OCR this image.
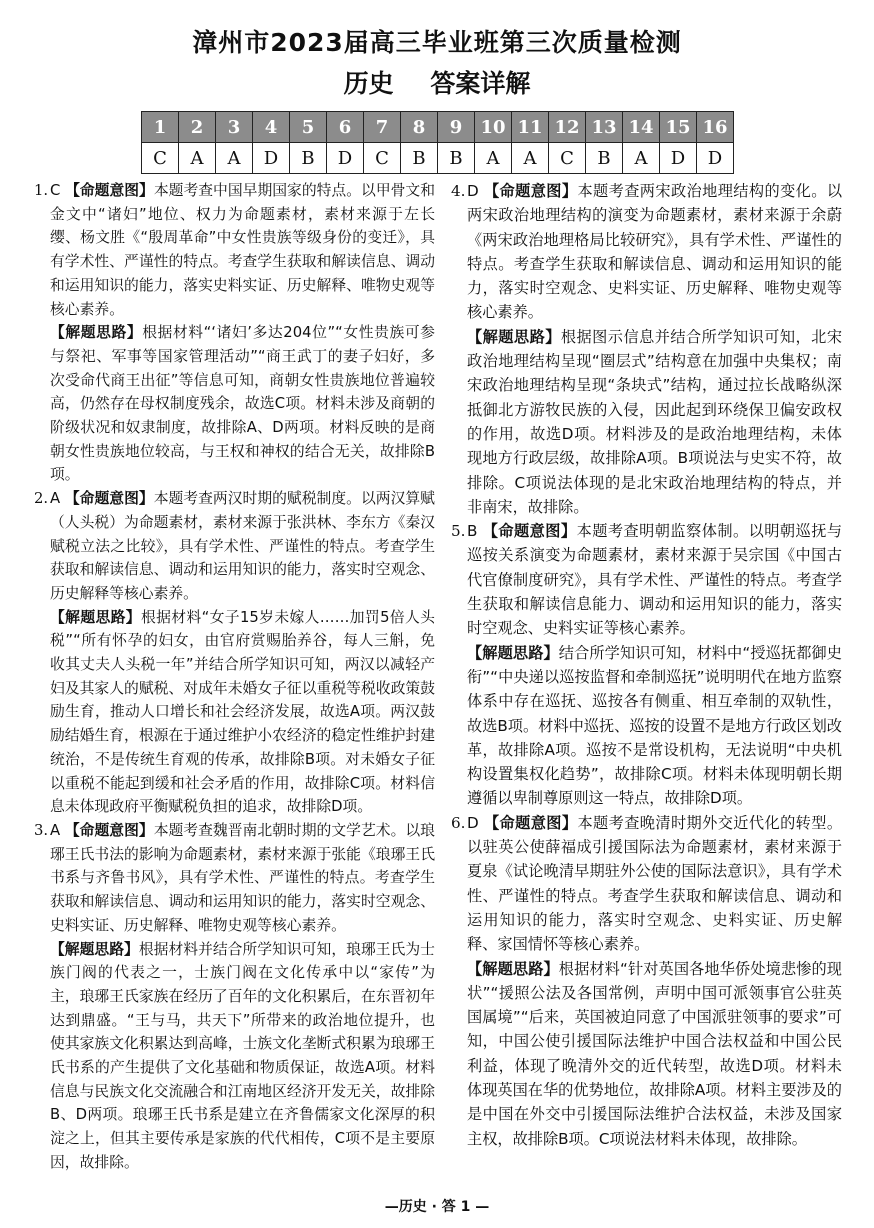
漳州市2023届高三毕业班第三次质量检测
历史 答案详解
1	2	3	4	5	6	7	8	9	10	11	12	13	14	15	16
C	A	A	D	B	D	C	B	B	A	A	C	B	A	D	D

1. C 【命题意图】本题考查中国早期国家的特点。以甲骨文和金文中“诸妇”地位、权力为命题素材，素材来源于左长缨、杨文胜《“殷周革命”中女性贵族等级身份的变迁》，具有学术性、严谨性的特点。考查学生获取和解读信息、调动和运用知识的能力，落实史料实证、历史解释、唯物史观等核心素养。

【解题思路】根据材料“‘诸妇’多达204位”“女性贵族可参与祭祀、军事等国家管理活动”“商王武丁的妻子妇好，多次受命代商王出征”等信息可知，商朝女性贵族地位普遍较高，仍然存在母权制度残余，故选C项。材料未涉及商朝的阶级状况和奴隶制度，故排除A、D两项。材料反映的是商朝女性贵族地位较高，与王权和神权的结合无关，故排除B项。

2. A 【命题意图】本题考查两汉时期的赋税制度。以两汉算赋（人头税）为命题素材，素材来源于张洪林、李东方《秦汉赋税立法之比较》，具有学术性、严谨性的特点。考查学生获取和解读信息、调动和运用知识的能力，落实时空观念、历史解释等核心素养。

【解题思路】根据材料“女子15岁未嫁人……加罚5倍人头税”“所有怀孕的妇女，由官府赏赐胎养谷，每人三斛，免收其丈夫人头税一年”并结合所学知识可知，两汉以减轻产妇及其家人的赋税、对成年未婚女子征以重税等税收政策鼓励生育，推动人口增长和社会经济发展，故选A项。两汉鼓励结婚生育，根源在于通过维护小农经济的稳定性维护封建统治，不是传统生育观的传承，故排除B项。对未婚女子征以重税不能起到缓和社会矛盾的作用，故排除C项。材料信息未体现政府平衡赋税负担的追求，故排除D项。

3. A 【命题意图】本题考查魏晋南北朝时期的文学艺术。以琅琊王氏书法的影响为命题素材，素材来源于张能《琅琊王氏书系与齐鲁书风》，具有学术性、严谨性的特点。考查学生获取和解读信息、调动和运用知识的能力，落实时空观念、史料实证、历史解释、唯物史观等核心素养。

【解题思路】根据材料并结合所学知识可知，琅琊王氏为士族门阀的代表之一，士族门阀在文化传承中以“家传”为主，琅琊王氏家族在经历了百年的文化积累后，在东晋初年达到鼎盛。“王与马，共天下”所带来的政治地位提升，也使其家族文化积累达到高峰，士族文化垄断式积累为琅琊王氏书系的产生提供了文化基础和物质保证，故选A项。材料信息与民族文化交流融合和江南地区经济开发无关，故排除B、D两项。琅琊王氏书系是建立在齐鲁儒家文化深厚的积淀之上，但其主要传承是家族的代代相传，C项不是主要原因，故排除。

4.D 【命题意图】本题考查两宋政治地理结构的变化。以两宋政治地理结构的演变为命题素材，素材来源于余蔚《两宋政治地理格局比较研究》，具有学术性、严谨性的特点。考查学生获取和解读信息、调动和运用知识的能力，落实时空观念、史料实证、历史解释、唯物史观等核心素养。

【解题思路】根据图示信息并结合所学知识可知，北宋政治地理结构呈现“圈层式”结构意在加强中央集权；南宋政治地理结构呈现“条块式”结构，通过拉长战略纵深抵御北方游牧民族的入侵，因此起到环绕保卫偏安政权的作用，故选D项。材料涉及的是政治地理结构，未体现地方行政层级，故排除A项。B项说法与史实不符，故排除。C项说法体现的是北宋政治地理结构的特点，并非南宋，故排除。

5.B 【命题意图】本题考查明朝监察体制。以明朝巡抚与巡按关系演变为命题素材，素材来源于吴宗国《中国古代官僚制度研究》，具有学术性、严谨性的特点。考查学生获取和解读信息能力、调动和运用知识的能力，落实时空观念、史料实证等核心素养。

【解题思路】结合所学知识可知，材料中“授巡抚都御史衔”“中央递以巡按监督和牵制巡抚”说明明代在地方监察体系中存在巡抚、巡按各有侧重、相互牵制的双轨性，故选B项。材料中巡抚、巡按的设置不是地方行政区划改革，故排除A项。巡按不是常设机构，无法说明“中央机构设置集权化趋势”，故排除C项。材料未体现明朝长期遵循以卑制尊原则这一特点，故排除D项。

6.D 【命题意图】本题考查晚清时期外交近代化的转型。以驻英公使薛福成引援国际法为命题素材，素材来源于夏泉《试论晚清早期驻外公使的国际法意识》，具有学术性、严谨性的特点。考查学生获取和解读信息、调动和运用知识的能力，落实时空观念、史料实证、历史解释、家国情怀等核心素养。

【解题思路】根据材料“针对英国各地华侨处境悲惨的现状”“援照公法及各国常例，声明中国可派领事官公驻英国属境”“后来，英国被迫同意了中国派驻领事的要求”可知，中国公使引援国际法维护中国合法权益和中国公民利益，体现了晚清外交的近代转型，故选D项。材料未体现英国在华的优势地位，故排除A项。材料主要涉及的是中国在外交中引援国际法维护合法权益，未涉及国家主权，故排除B项。C项说法材料未体现，故排除。

—历史 · 答 1 —
